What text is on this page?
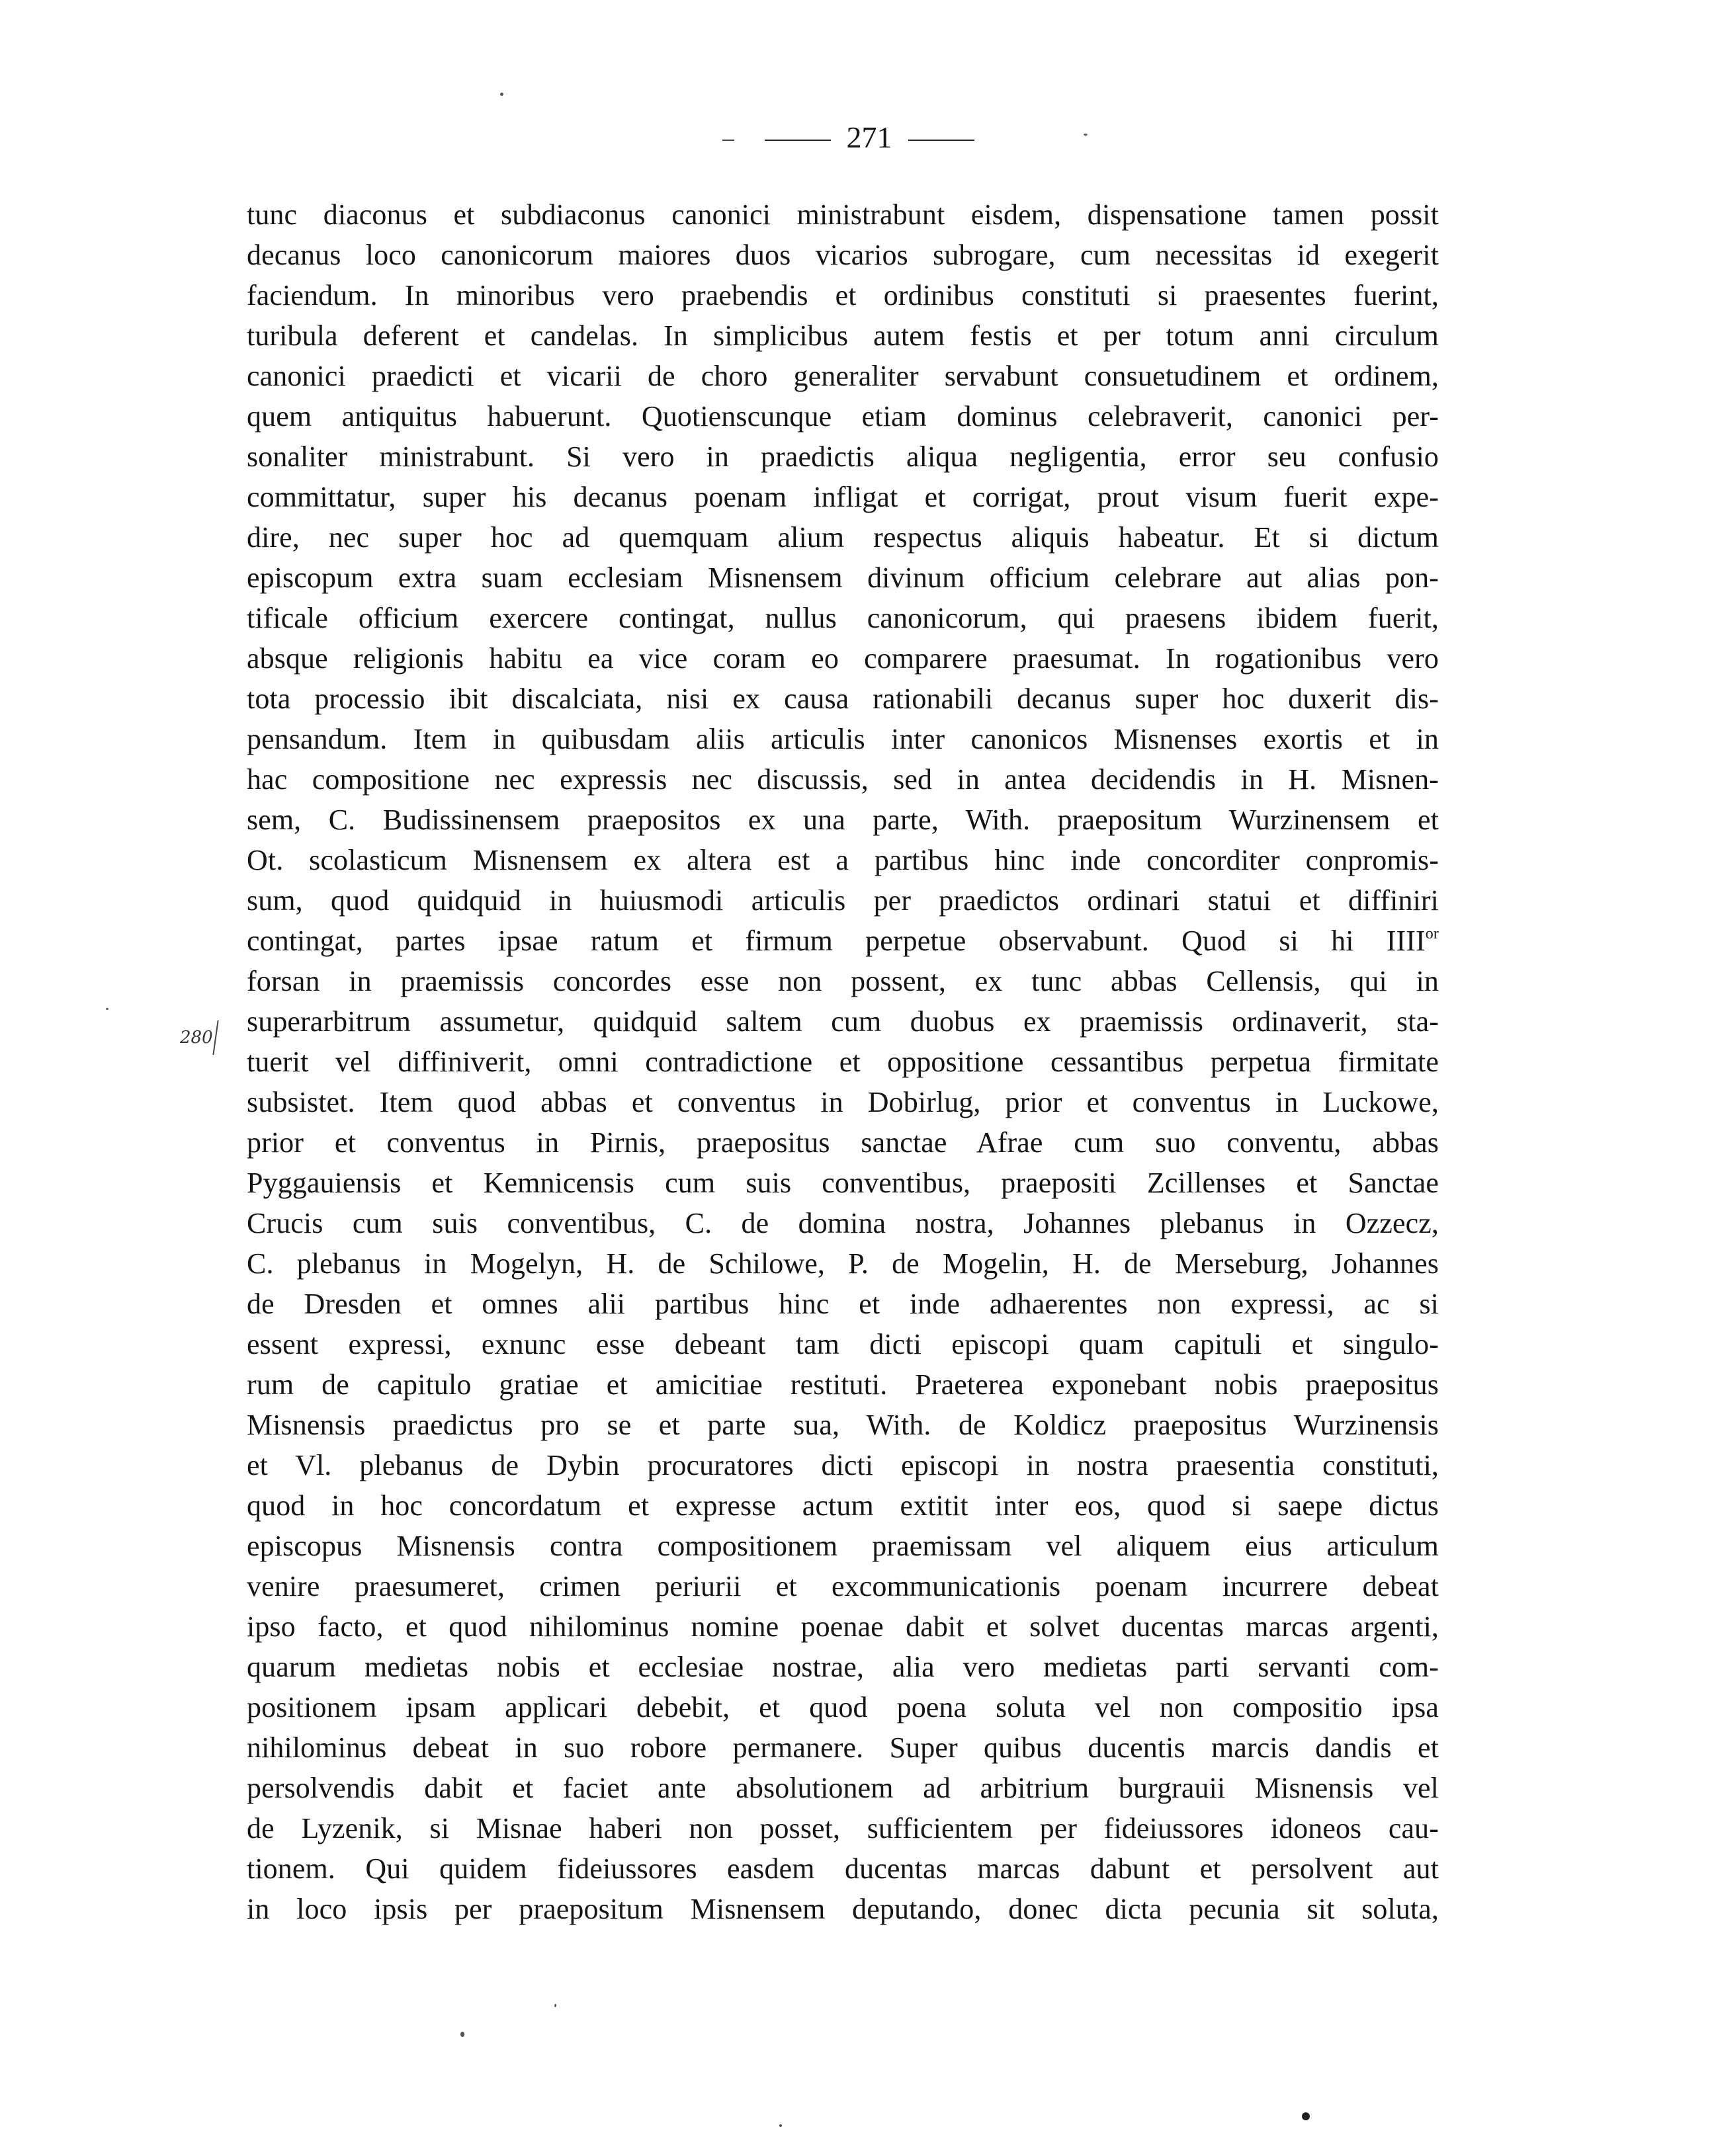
271
280
tunc diaconus et subdiaconus canonici ministrabunt eisdem, dispensatione tamen possit
decanus loco canonicorum maiores duos vicarios subrogare, cum necessitas id exegerit
faciendum. In minoribus vero praebendis et ordinibus constituti si praesentes fuerint,
turibula deferent et candelas. In simplicibus autem festis et per totum anni circulum
canonici praedicti et vicarii de choro generaliter servabunt consuetudinem et ordinem,
quem antiquitus habuerunt. Quotienscunque etiam dominus celebraverit, canonici per-
sonaliter ministrabunt. Si vero in praedictis aliqua negligentia, error seu confusio
committatur, super his decanus poenam infligat et corrigat, prout visum fuerit expe-
dire, nec super hoc ad quemquam alium respectus aliquis habeatur. Et si dictum
episcopum extra suam ecclesiam Misnensem divinum officium celebrare aut alias pon-
tificale officium exercere contingat, nullus canonicorum, qui praesens ibidem fuerit,
absque religionis habitu ea vice coram eo comparere praesumat. In rogationibus vero
tota processio ibit discalciata, nisi ex causa rationabili decanus super hoc duxerit dis-
pensandum. Item in quibusdam aliis articulis inter canonicos Misnenses exortis et in
hac compositione nec expressis nec discussis, sed in antea decidendis in H. Misnen-
sem, C. Budissinensem praepositos ex una parte, With. praepositum Wurzinensem et
Ot. scolasticum Misnensem ex altera est a partibus hinc inde concorditer conpromis-
sum, quod quidquid in huiusmodi articulis per praedictos ordinari statui et diffiniri
contingat, partes ipsae ratum et firmum perpetue observabunt. Quod si hi $IIII^{or}$
forsan in praemissis concordes esse non possent, ex tunc abbas Cellensis, qui in
superarbitrum assumetur, quidquid saltem cum duobus ex praemissis ordinaverit, sta-
tuerit vel diffiniverit, omni contradictione et oppositione cessantibus perpetua firmitate
subsistet. Item quod abbas et conventus in Dobirlug, prior et conventus in Luckowe,
prior et conventus in Pirnis, praepositus sanctae Afrae cum suo conventu, abbas
Pyggauiensis et Kemnicensis cum suis conventibus, praepositi Zcillenses et Sanctae
Crucis cum suis conventibus, C. de domina nostra, Johannes plebanus in Ozzecz,
C. plebanus in Mogelyn, H. de Schilowe, P. de Mogelin, H. de Merseburg, Johannes
de Dresden et omnes alii partibus hinc et inde adhaerentes non expressi, ac si
essent expressi, exnunc esse debeant tam dicti episcopi quam capituli et singulo-
rum de capitulo gratiae et amicitiae restituti. Praeterea exponebant nobis praepositus
Misnensis praedictus pro se et parte sua, With. de Koldicz praepositus Wurzinensis
et Vl. plebanus de Dybin procuratores dicti episcopi in nostra praesentia constituti,
quod in hoc concordatum et expresse actum extitit inter eos, quod si saepe dictus
episcopus Misnensis contra compositionem praemissam vel aliquem eius articulum
venire praesumeret, crimen periurii et excommunicationis poenam incurrere debeat
ipso facto, et quod nihilominus nomine poenae dabit et solvet ducentas marcas argenti,
quarum medietas nobis et ecclesiae nostrae, alia vero medietas parti servanti com-
positionem ipsam applicari debebit, et quod poena soluta vel non compositio ipsa
nihilominus debeat in suo robore permanere. Super quibus ducentis marcis dandis et
persolvendis dabit et faciet ante absolutionem ad arbitrium burgrauii Misnensis vel
de Lyzenik, si Misnae haberi non posset, sufficientem per fideiussores idoneos cau-
tionem. Qui quidem fideiussores easdem ducentas marcas dabunt et persolvent aut
in loco ipsis per praepositum Misnensem deputando, donec dicta pecunia sit soluta,
